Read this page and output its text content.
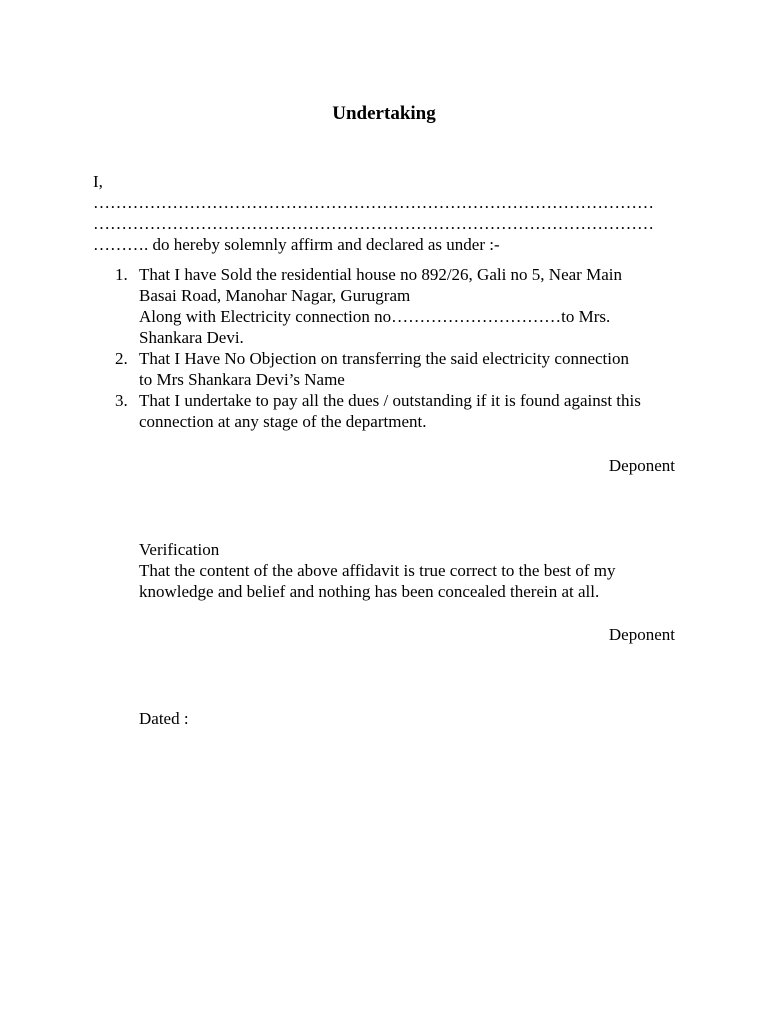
Undertaking
I,
………………………………………………………………………………………
………………………………………………………………………………………
………. do hereby solemnly affirm and declared as under :-
1. That I have Sold the residential house no 892/26, Gali no 5, Near Main
Basai Road, Manohar Nagar, Gurugram
Along with Electricity connection no…………………………to Mrs.
Shankara Devi.
2. That I Have No Objection on transferring the said electricity connection
to Mrs Shankara Devi’s Name
3. That I undertake to pay all the dues / outstanding if it is found against this
connection at any stage of the department.
Deponent
Verification
That the content of the above affidavit is true correct to the best of my
knowledge and belief and nothing has been concealed therein at all.
Deponent
Dated :
